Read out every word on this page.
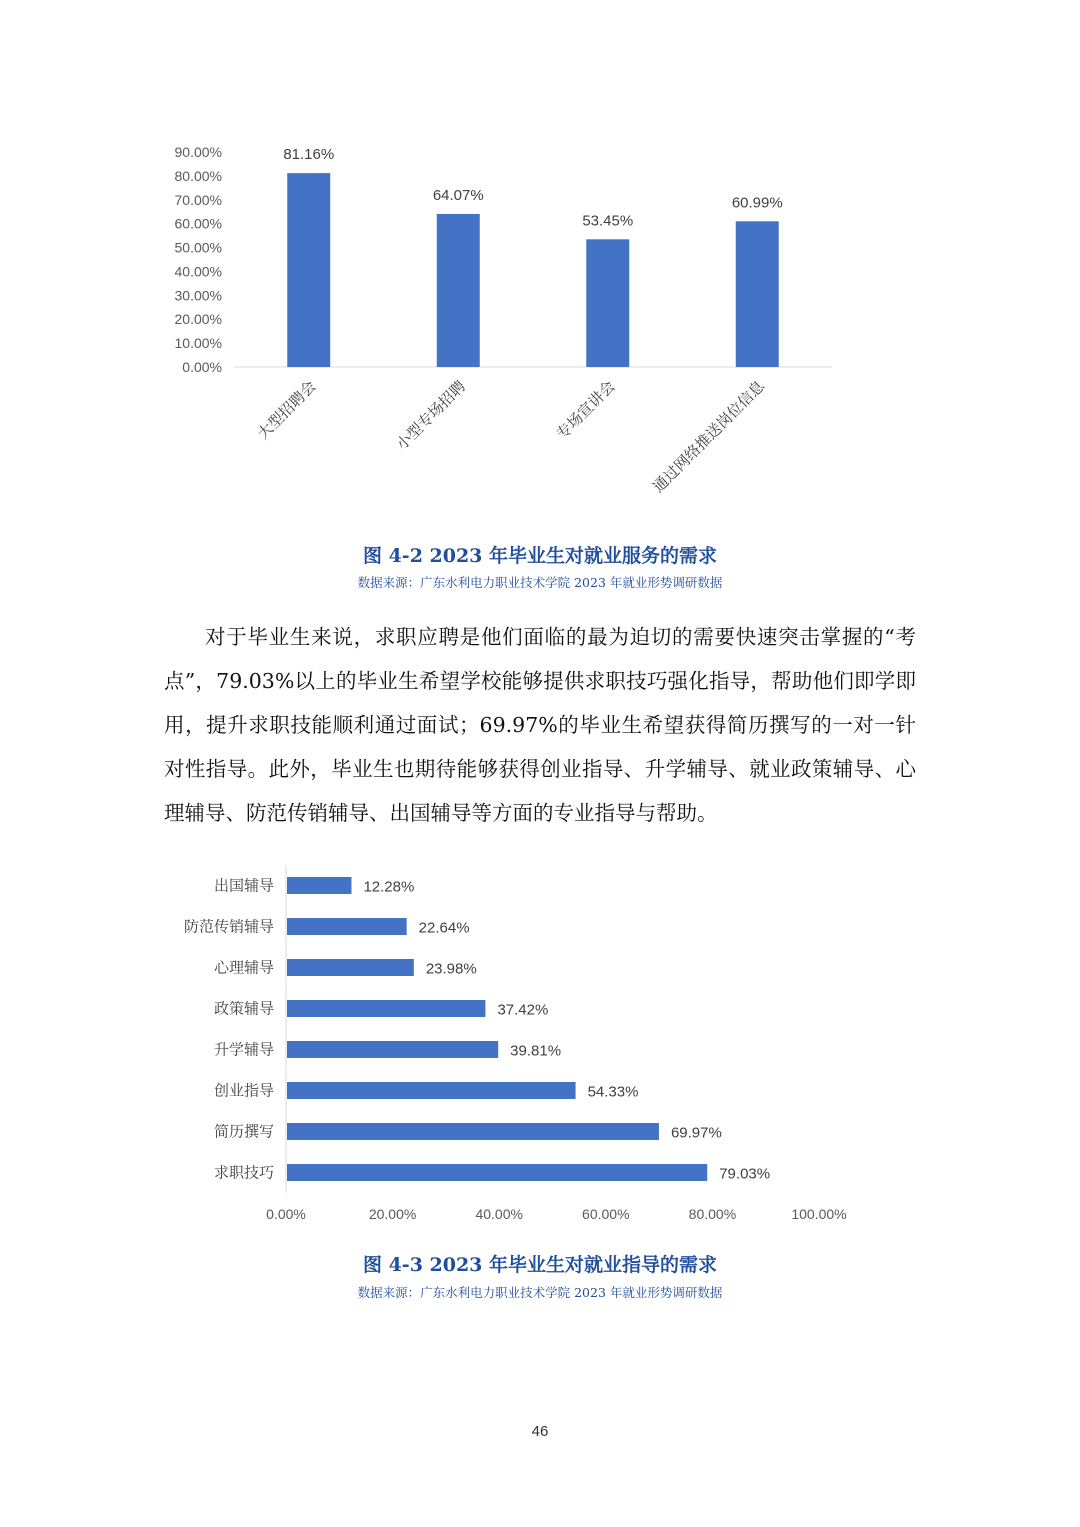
0.00%
10.00%
20.00%
30.00%
40.00%
50.00%
60.00%
70.00%
80.00%
90.00%	81.16%
大型招聘会
64.07%
小型专场招聘
53.45%
专场宣讲会
60.99%
通过网络推送岗位信息
图 4-2 2023 年毕业生对就业服务的需求
数据来源：广东水利电力职业技术学院 2023 年就业形势调研数据

对于毕业生来说，求职应聘是他们面临的最为迫切的需要快速突击掌握的“考点”，79.03%以上的毕业生希望学校能够提供求职技巧强化指导，帮助他们即学即用，提升求职技能顺利通过面试；69.97%的毕业生希望获得简历撰写的一对一针对性指导。此外，毕业生也期待能够获得创业指导、升学辅导、就业政策辅导、心理辅导、防范传销辅导、出国辅导等方面的专业指导与帮助。

出国辅导	12.28%
防范传销辅导	22.64%
心理辅导	23.98%
政策辅导	37.42%
升学辅导	39.81%
创业指导	54.33%
简历撰写	69.97%
求职技巧	79.03%
0.00%	20.00%	40.00%	60.00%	80.00%	100.00%
图 4-3 2023 年毕业生对就业指导的需求
数据来源：广东水利电力职业技术学院 2023 年就业形势调研数据
46
